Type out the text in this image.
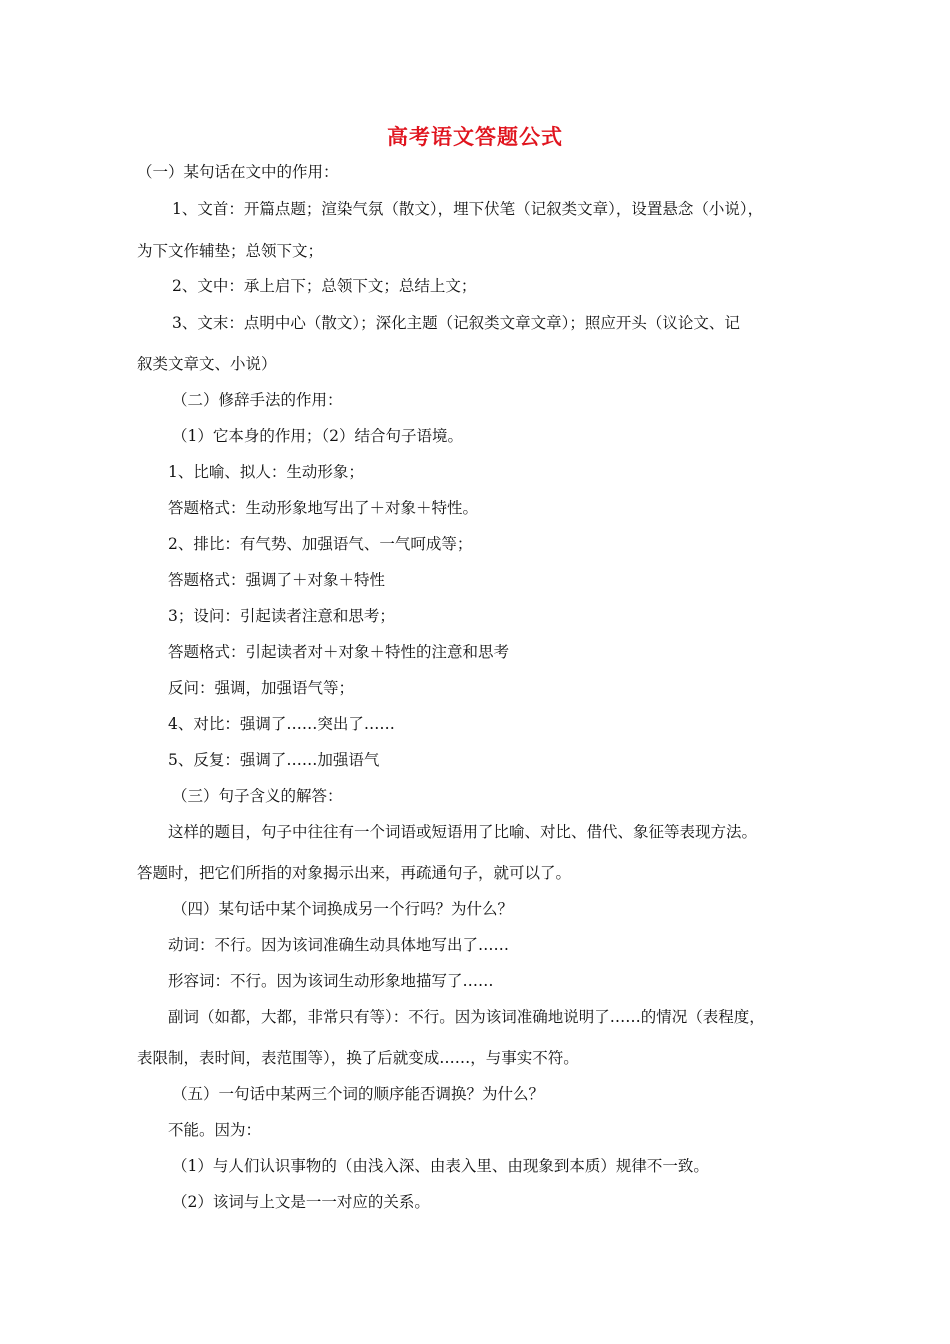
高考语文答题公式
（一）某句话在文中的作用：
1、文首：开篇点题；渲染气氛（散文），埋下伏笔（记叙类文章），设置悬念（小说），
为下文作辅垫；总领下文；
2、文中：承上启下；总领下文；总结上文；
3、文末：点明中心（散文）；深化主题（记叙类文章文章）；照应开头（议论文、记
叙类文章文、小说）
（二）修辞手法的作用：
（1）它本身的作用；（2）结合句子语境。
1、比喻、拟人：生动形象；
答题格式：生动形象地写出了＋对象＋特性。
2、排比：有气势、加强语气、一气呵成等；
答题格式：强调了＋对象＋特性
3；设问：引起读者注意和思考；
答题格式：引起读者对＋对象＋特性的注意和思考
反问：强调，加强语气等；
4、对比：强调了……突出了……
5、反复：强调了……加强语气
（三）句子含义的解答：
这样的题目，句子中往往有一个词语或短语用了比喻、对比、借代、象征等表现方法。
答题时，把它们所指的对象揭示出来，再疏通句子，就可以了。
（四）某句话中某个词换成另一个行吗？为什么？
动词：不行。因为该词准确生动具体地写出了……
形容词：不行。因为该词生动形象地描写了……
副词（如都，大都，非常只有等）：不行。因为该词准确地说明了……的情况（表程度，
表限制，表时间，表范围等），换了后就变成……，与事实不符。
（五）一句话中某两三个词的顺序能否调换？为什么？
不能。因为：
（1）与人们认识事物的（由浅入深、由表入里、由现象到本质）规律不一致。
（2）该词与上文是一一对应的关系。
